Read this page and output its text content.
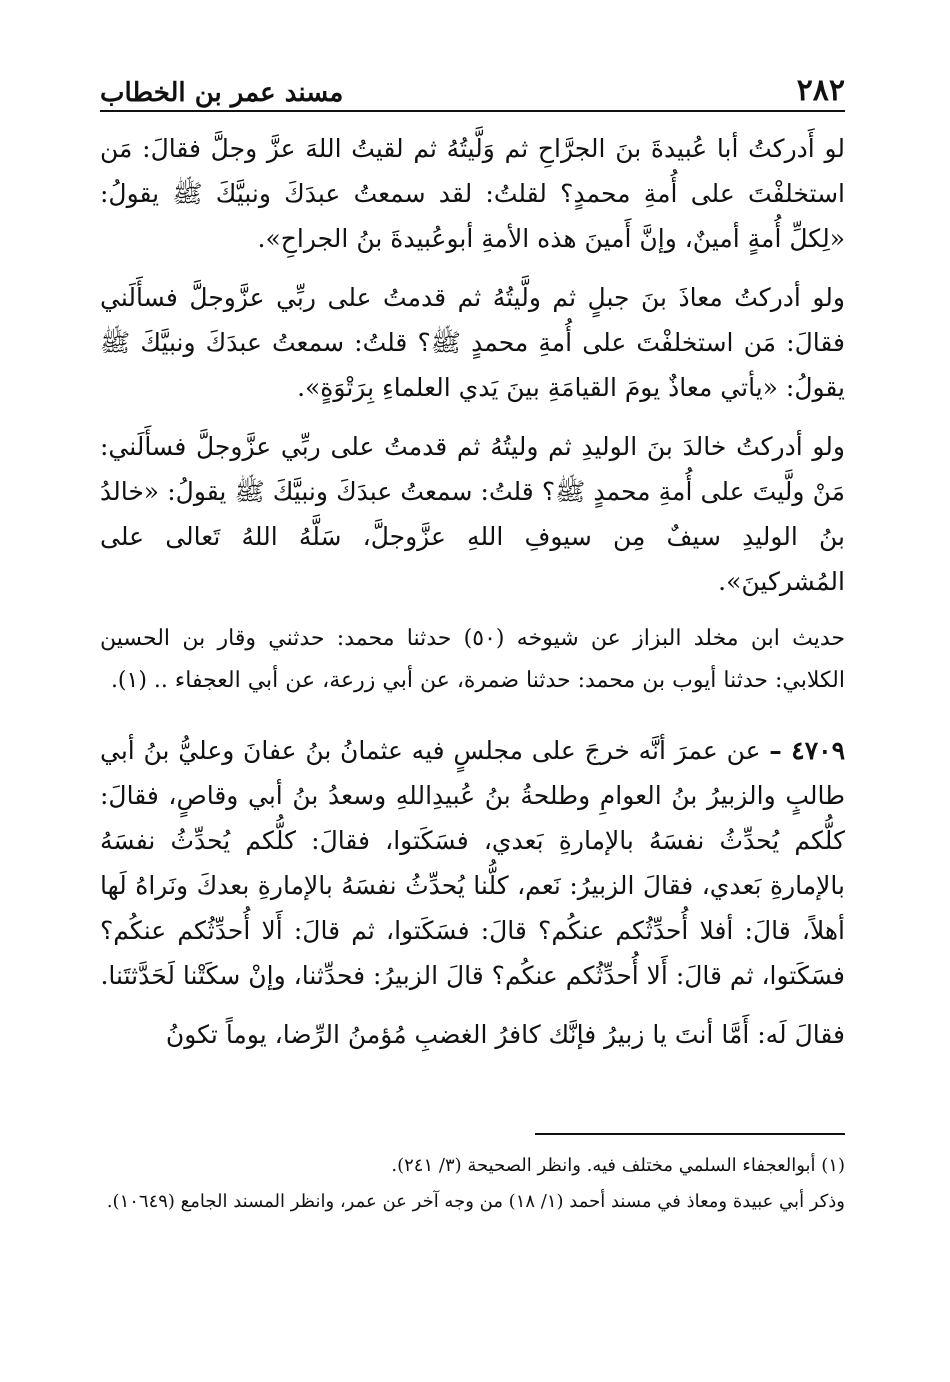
٢٨٢
مسند عمر بن الخطاب

لو أَدركتُ أبا عُبيدةَ بنَ الجرَّاحِ ثم وَلَّيتُهُ ثم لقيتُ اللهَ عزَّ وجلَّ فقالَ: مَن استخلفْتَ على أُمةِ محمدٍ؟ لقلتُ: لقد سمعتُ عبدَكَ ونبيَّكَ ﷺ يقولُ: «لِكلِّ أُمةٍ أمينٌ، وإنَّ أَمينَ هذه الأمةِ أبوعُبيدةَ بنُ الجراحِ».

ولو أدركتُ معاذَ بنَ جبلٍ ثم ولَّيتُهُ ثم قدمتُ على ربِّي عزَّوجلَّ فسأَلَني فقالَ: مَن استخلفْتَ على أُمةِ محمدٍ ﷺ؟ قلتُ: سمعتُ عبدَكَ ونبيَّكَ ﷺ يقولُ: «يأتي معاذٌ يومَ القيامَةِ بينَ يَدي العلماءِ بِرَتْوَةٍ».

ولو أدركتُ خالدَ بنَ الوليدِ ثم وليتُهُ ثم قدمتُ على ربِّي عزَّوجلَّ فسأَلَني: مَنْ ولَّيتَ على أُمةِ محمدٍ ﷺ؟ قلتُ: سمعتُ عبدَكَ ونبيَّكَ ﷺ يقولُ: «خالدُ بنُ الوليدِ سيفٌ مِن سيوفِ اللهِ عزَّوجلَّ، سَلَّهُ اللهُ تَعالى على المُشركينَ».

حديث ابن مخلد البزاز عن شيوخه (٥٠) حدثنا محمد: حدثني وقار بن الحسين الكلابي: حدثنا أيوب بن محمد: حدثنا ضمرة، عن أبي زرعة، عن أبي العجفاء .. (١).

٤٧٠٩ – عن عمرَ أنَّه خرجَ على مجلسٍ فيه عثمانُ بنُ عفانَ وعليُّ بنُ أبي طالبٍ والزبيرُ بنُ العوامِ وطلحةُ بنُ عُبيدِاللهِ وسعدُ بنُ أبي وقاصٍ، فقالَ: كلُّكم يُحدِّثُ نفسَهُ بالإمارةِ بَعدي، فسَكَتوا، فقالَ: كلُّكم يُحدِّثُ نفسَهُ بالإمارةِ بَعدي، فقالَ الزبيرُ: نَعم، كلُّنا يُحدِّثُ نفسَهُ بالإمارةِ بعدكَ ونَراهُ لَها أهلاً، قالَ: أفلا أُحدِّثُكم عنكُم؟ قالَ: فسَكَتوا، ثم قالَ: أَلا أُحدِّثُكم عنكُم؟ فسَكَتوا، ثم قالَ: أَلا أُحدِّثُكم عنكُم؟ قالَ الزبيرُ: فحدِّثنا، وإنْ سكَتْنا لَحَدَّثتَنا.

فقالَ لَه: أَمَّا أنتَ يا زبيرُ فإنَّك كافرُ الغضبِ مُؤمنُ الرِّضا، يوماً تكونُ

(١) أبوالعجفاء السلمي مختلف فيه. وانظر الصحيحة (٣/ ٢٤١).

وذكر أبي عبيدة ومعاذ في مسند أحمد (١/ ١٨) من وجه آخر عن عمر، وانظر المسند الجامع (١٠٦٤٩).
